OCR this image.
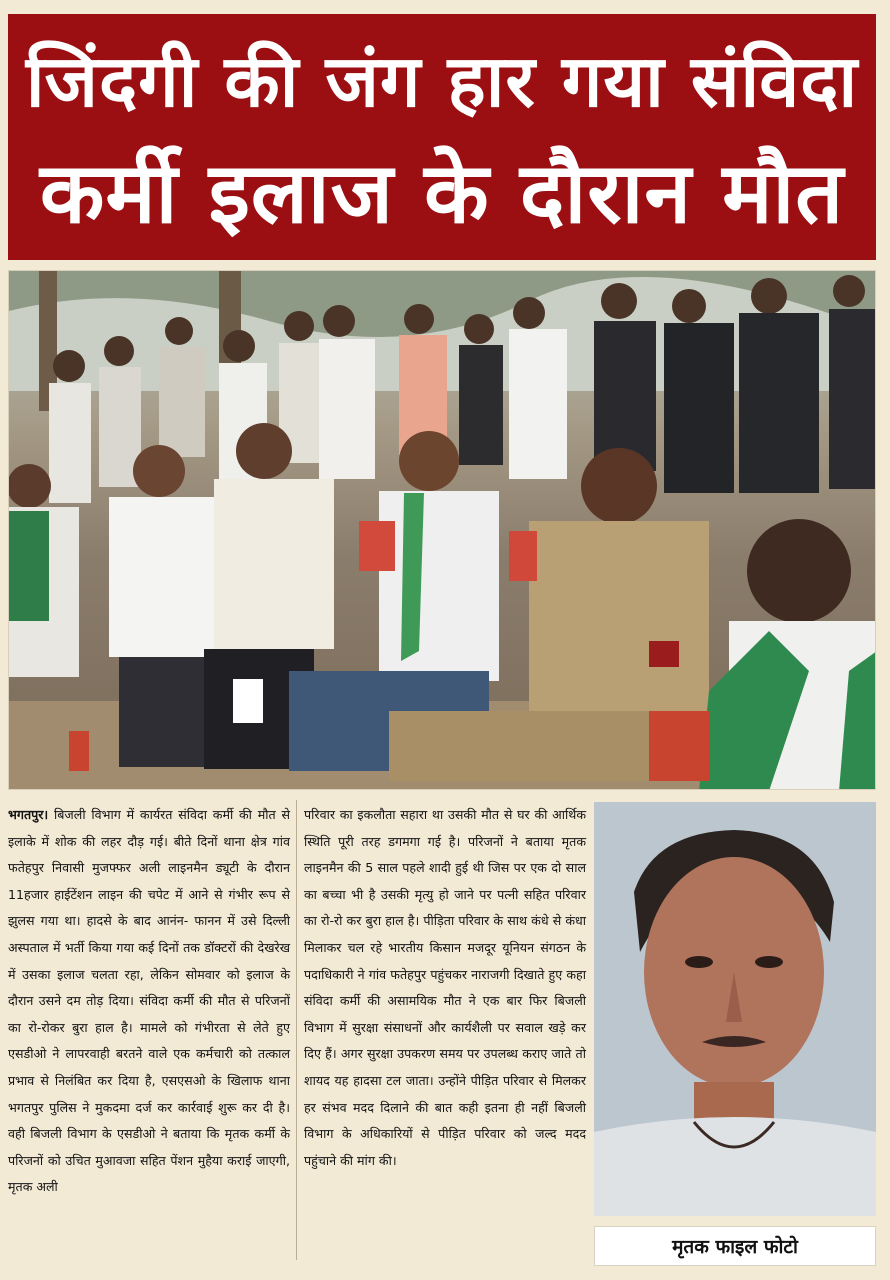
जिंदगी की जंग हार गया संविदा
कर्मी इलाज के दौरान मौत

भगतपुर। बिजली विभाग में कार्यरत संविदा कर्मी की मौत से इलाके में शोक की लहर दौड़ गई। बीते दिनों थाना क्षेत्र गांव फतेहपुर निवासी मुजफ्फर अली लाइनमैन ड्यूटी के दौरान 11हजार हाईटेंशन लाइन की चपेट में आने से गंभीर रूप से झुलस गया था। हादसे के बाद आनंन- फानन में उसे दिल्ली अस्पताल में भर्ती किया गया कई दिनों तक डॉक्टरों की देखरेख में उसका इलाज चलता रहा, लेकिन सोमवार को इलाज के दौरान उसने दम तोड़ दिया। संविदा कर्मी की मौत से परिजनों का रो-रोकर बुरा हाल है। मामले को गंभीरता से लेते हुए एसडीओ ने लापरवाही बरतने वाले एक कर्मचारी को तत्काल प्रभाव से निलंबित कर दिया है, एसएसओ के खिलाफ थाना भगतपुर पुलिस ने मुकदमा दर्ज कर कार्रवाई शुरू कर दी है। वही बिजली विभाग के एसडीओ ने बताया कि मृतक कर्मी के परिजनों को उचित मुआवजा सहित पेंशन मुहैया कराई जाएगी, मृतक अली

परिवार का इकलौता सहारा था उसकी मौत से घर की आर्थिक स्थिति पूरी तरह डगमगा गई है। परिजनों ने बताया मृतक लाइनमैन की 5 साल पहले शादी हुई थी जिस पर एक दो साल का बच्चा भी है उसकी मृत्यु हो जाने पर पत्नी सहित परिवार का रो-रो कर बुरा हाल है। पीड़िता परिवार के साथ कंधे से कंधा मिलाकर चल रहे भारतीय किसान मजदूर यूनियन संगठन के पदाधिकारी ने गांव फतेहपुर पहुंचकर नाराजगी दिखाते हुए कहा संविदा कर्मी की असामयिक मौत ने एक बार फिर बिजली विभाग में सुरक्षा संसाधनों और कार्यशैली पर सवाल खड़े कर दिए हैं। अगर सुरक्षा उपकरण समय पर उपलब्ध कराए जाते तो शायद यह हादसा टल जाता। उन्होंने पीड़ित परिवार से मिलकर हर संभव मदद दिलाने की बात कही इतना ही नहीं बिजली विभाग के अधिकारियों से पीड़ित परिवार को जल्द मदद पहुंचाने की मांग की।

मृतक फाइल फोटो
